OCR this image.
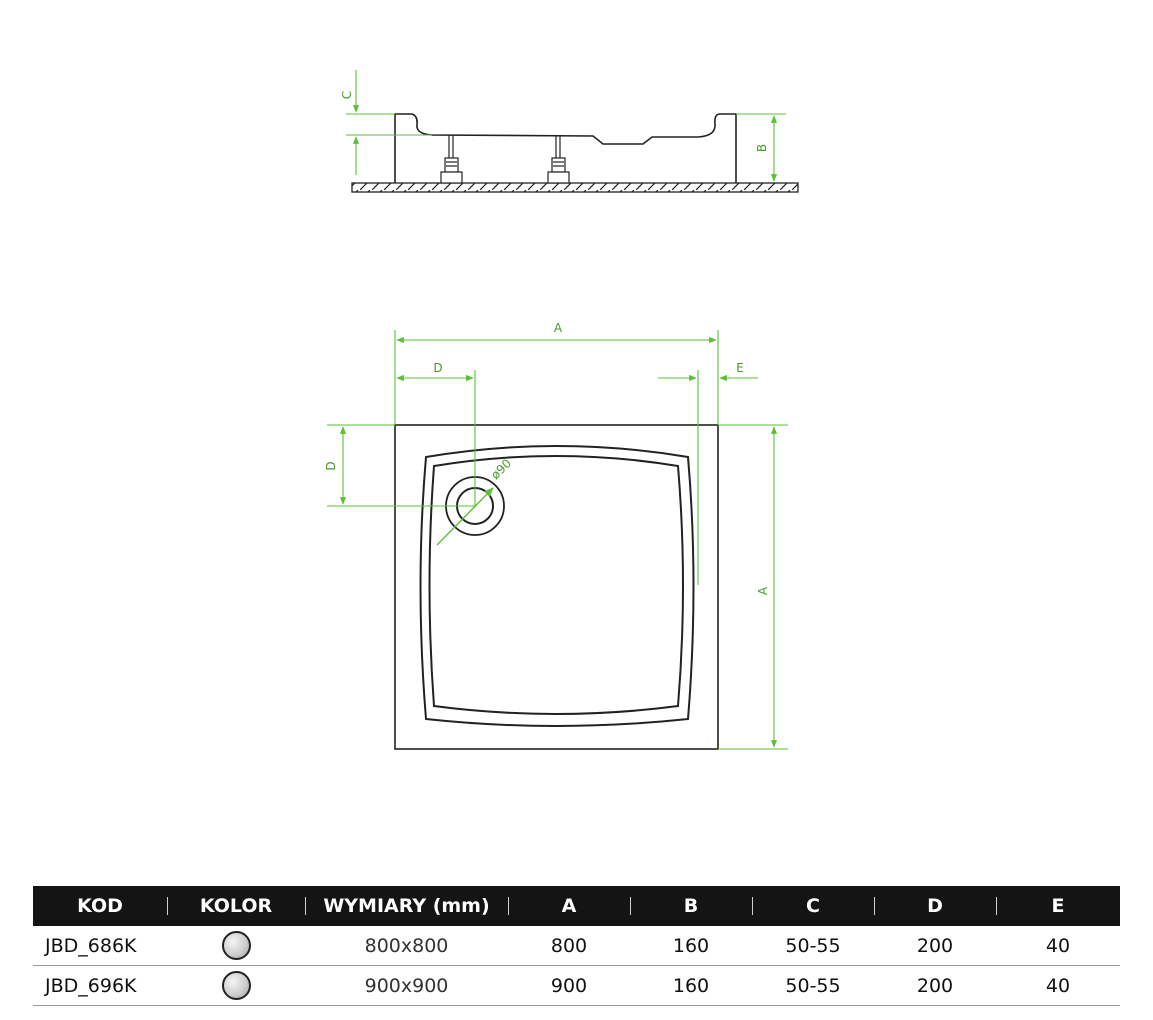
C
B
A
D	E
D
A
ø90
KOD	KOLOR	WYMIARY (mm)	A	B	C	D	E
JBD_686K		800x800	800	160	50-55	200	40
JBD_696K		900x900	900	160	50-55	200	40
